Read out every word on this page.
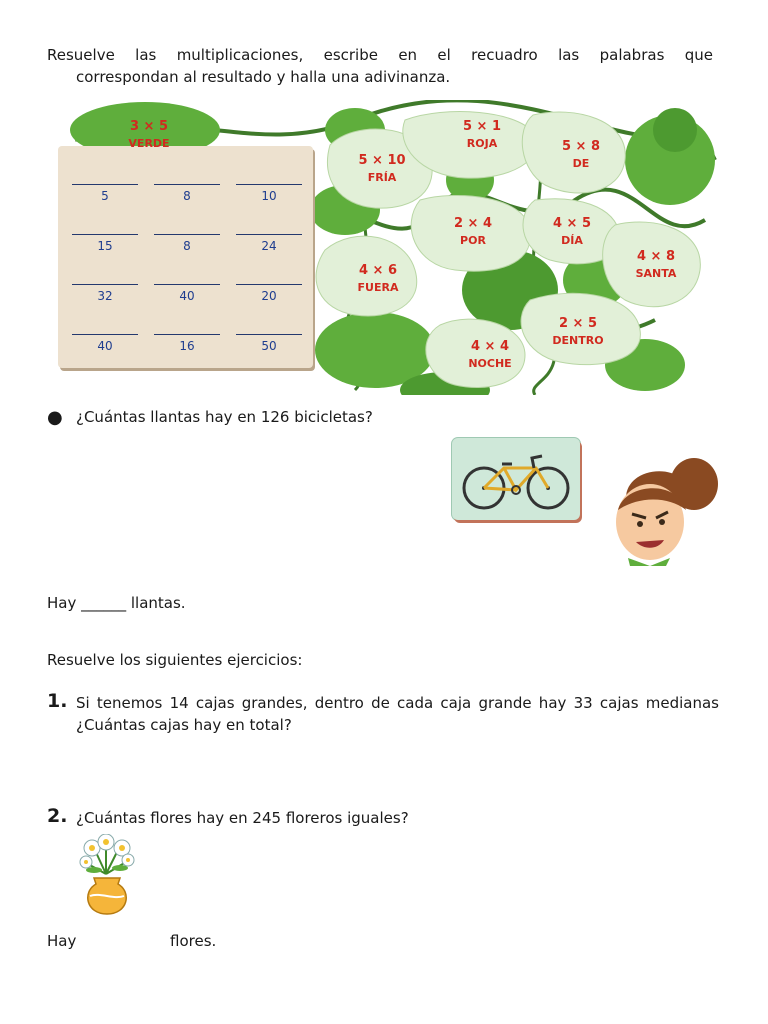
Resuelve las multiplicaciones, escribe en el recuadro las palabras que
correspondan al resultado y halla una adivinanza.
5	8	10
15	8	24
32	40	20
40	16	50
3 × 5
VERDE
5 × 1
ROJA	5 × 8
DE
5 × 10
FRÍA
2 × 4
POR
4 × 5
DÍA
4 × 8
SANTA
4 × 6
FUERA
2 × 5
DENTRO
4 × 4
NOCHE
● ¿Cuántas llantas hay en 126 bicicletas?
Hay ______ llantas.
Resuelve los siguientes ejercicios:
1. Si tenemos 14 cajas grandes, dentro de cada caja grande hay 33 cajas medianas ¿Cuántas cajas hay en total?
2. ¿Cuántas flores hay en 245 floreros iguales?
Hay	flores.
